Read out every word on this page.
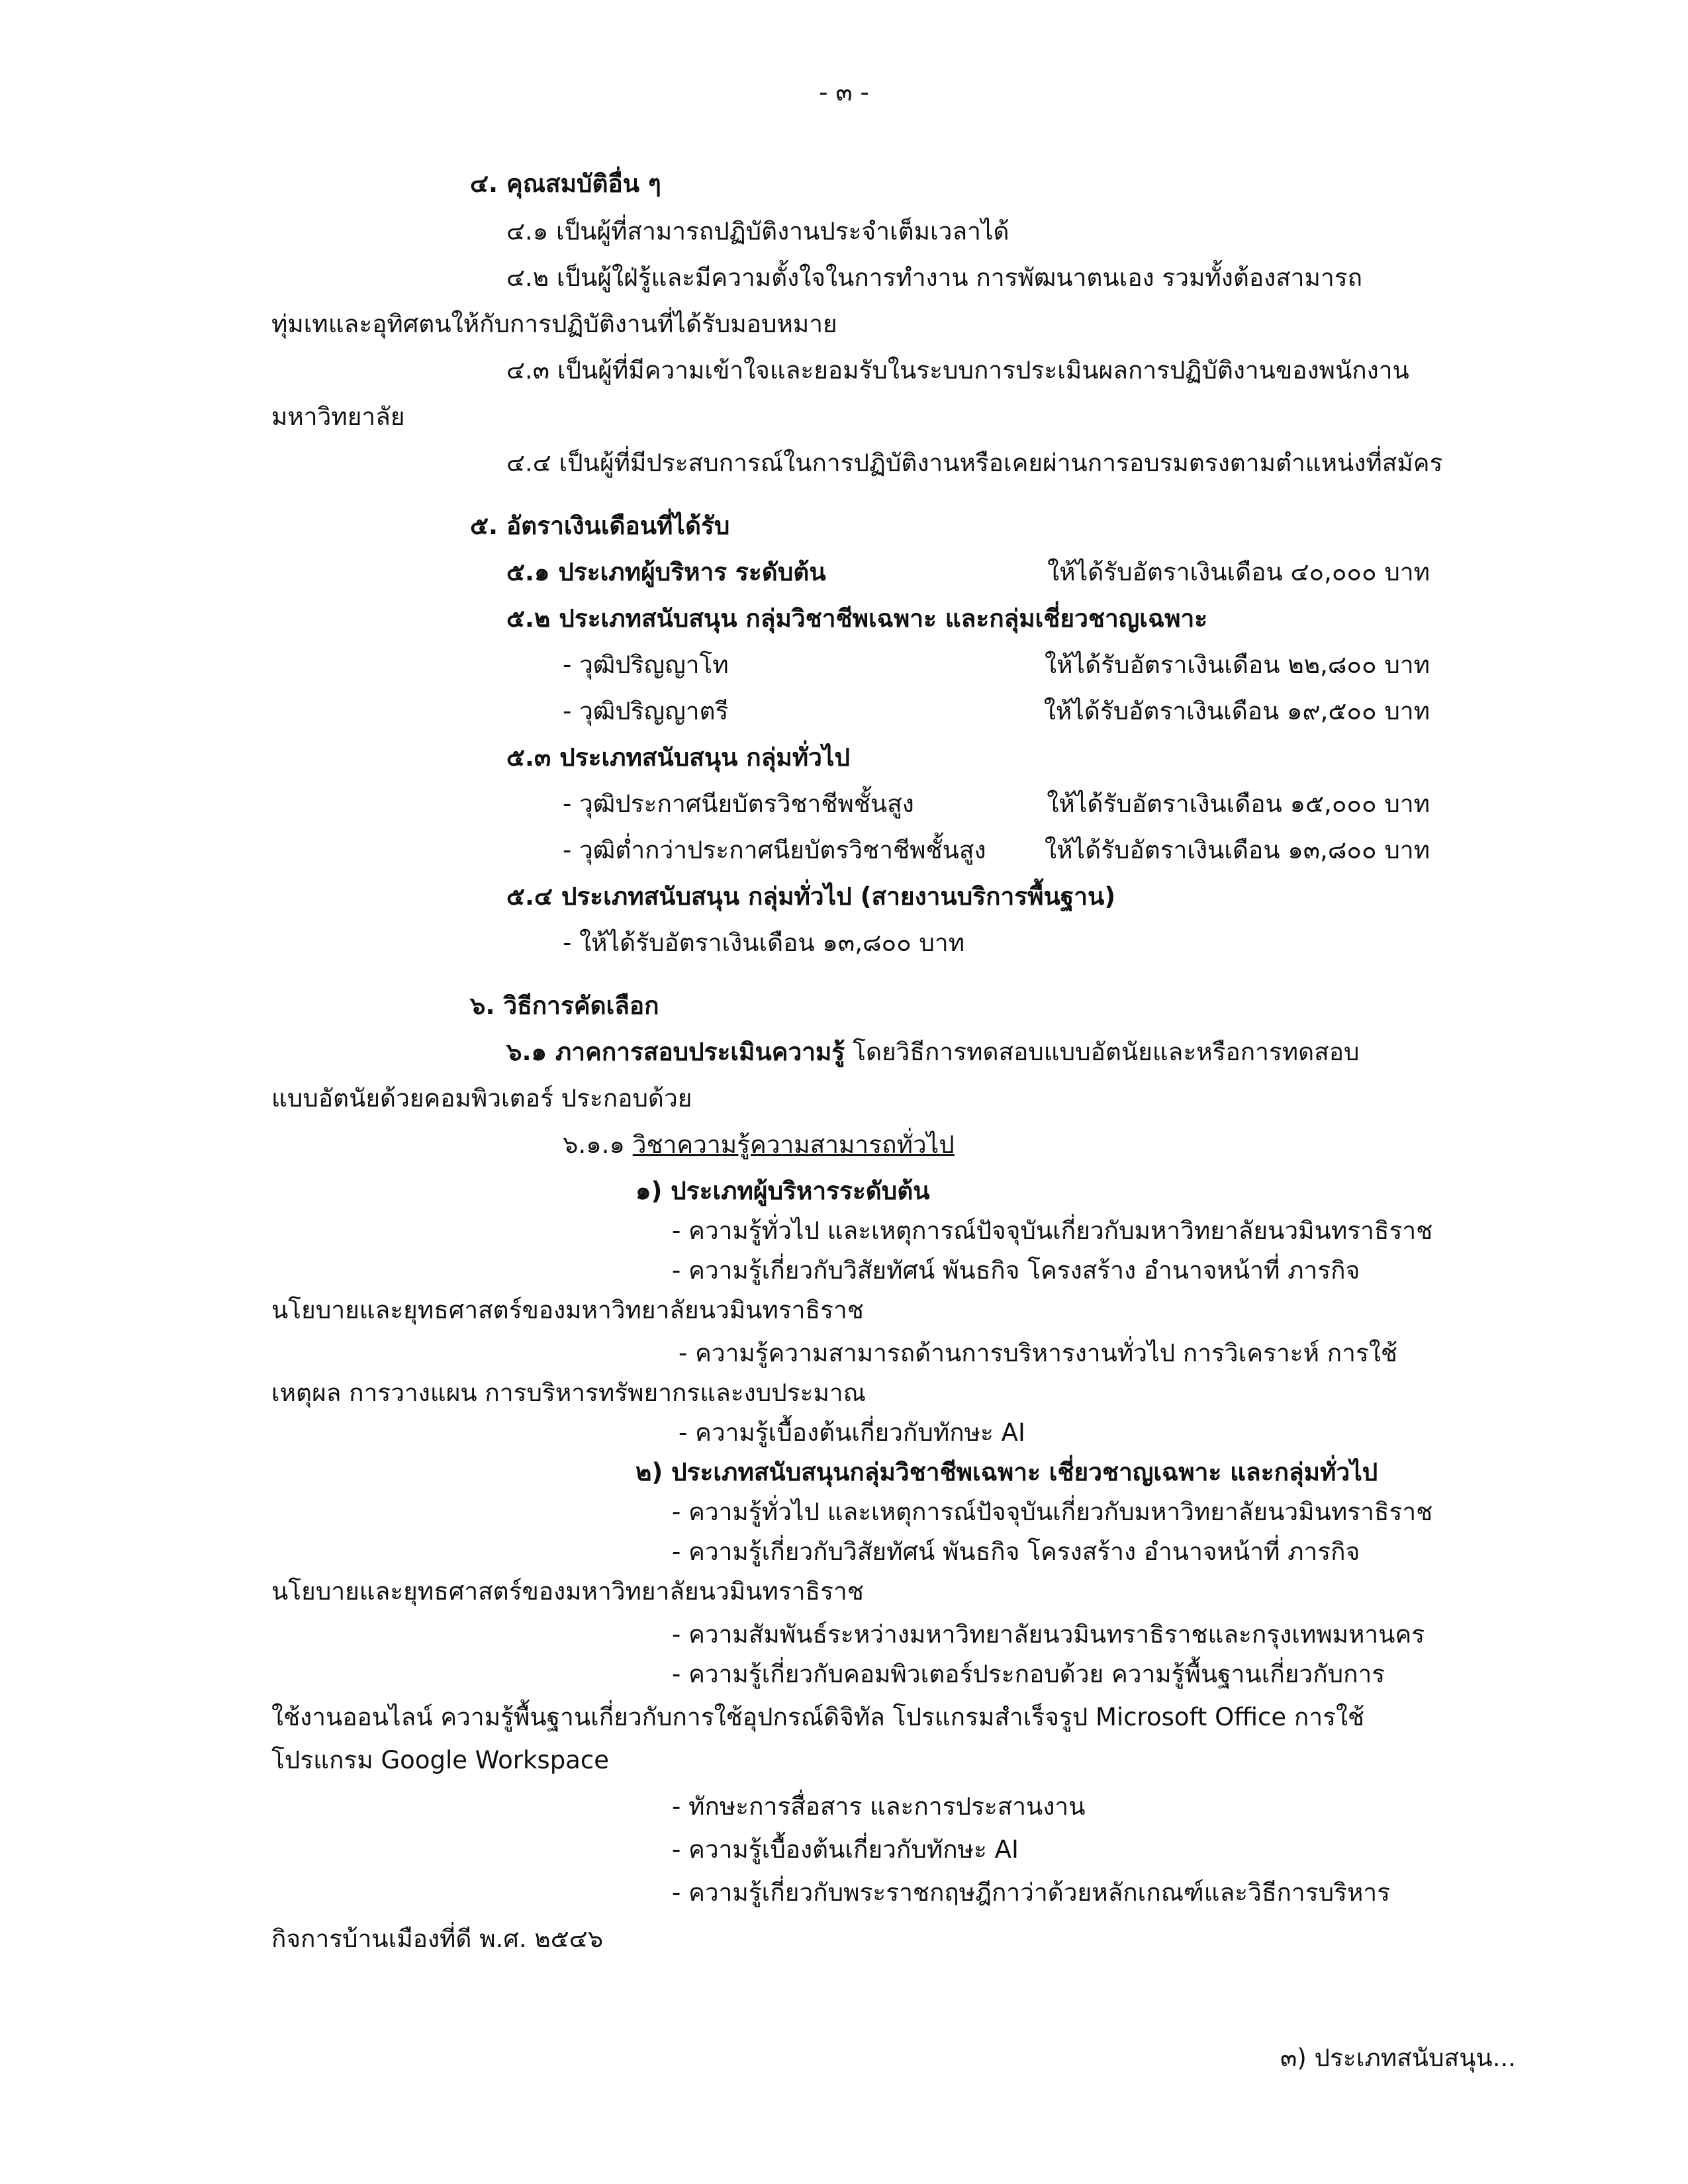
- ๓ -
๔. คุณสมบัติอื่น ๆ
๔.๑ เป็นผู้ที่สามารถปฏิบัติงานประจำเต็มเวลาได้
๔.๒ เป็นผู้ใฝ่รู้และมีความตั้งใจในการทำงาน การพัฒนาตนเอง รวมทั้งต้องสามารถ
ทุ่มเทและอุทิศตนให้กับการปฏิบัติงานที่ได้รับมอบหมาย
๔.๓ เป็นผู้ที่มีความเข้าใจและยอมรับในระบบการประเมินผลการปฏิบัติงานของพนักงาน
มหาวิทยาลัย
๔.๔ เป็นผู้ที่มีประสบการณ์ในการปฏิบัติงานหรือเคยผ่านการอบรมตรงตามตำแหน่งที่สมัคร
๕. อัตราเงินเดือนที่ได้รับ
๕.๑ ประเภทผู้บริหาร ระดับต้น	ให้ได้รับอัตราเงินเดือน ๔๐,๐๐๐ บาท
๕.๒ ประเภทสนับสนุน กลุ่มวิชาชีพเฉพาะ และกลุ่มเชี่ยวชาญเฉพาะ
- วุฒิปริญญาโท	ให้ได้รับอัตราเงินเดือน ๒๒,๘๐๐ บาท
- วุฒิปริญญาตรี	ให้ได้รับอัตราเงินเดือน ๑๙,๕๐๐ บาท
๕.๓ ประเภทสนับสนุน กลุ่มทั่วไป
- วุฒิประกาศนียบัตรวิชาชีพชั้นสูง	ให้ได้รับอัตราเงินเดือน ๑๕,๐๐๐ บาท
- วุฒิต่ำกว่าประกาศนียบัตรวิชาชีพชั้นสูง	ให้ได้รับอัตราเงินเดือน ๑๓,๘๐๐ บาท
๕.๔ ประเภทสนับสนุน กลุ่มทั่วไป (สายงานบริการพื้นฐาน)
- ให้ได้รับอัตราเงินเดือน ๑๓,๘๐๐ บาท
๖. วิธีการคัดเลือก
๖.๑ ภาคการสอบประเมินความรู้ โดยวิธีการทดสอบแบบอัตนัยและหรือการทดสอบ
แบบอัตนัยด้วยคอมพิวเตอร์ ประกอบด้วย
๖.๑.๑ วิชาความรู้ความสามารถทั่วไป
๑) ประเภทผู้บริหารระดับต้น
- ความรู้ทั่วไป และเหตุการณ์ปัจจุบันเกี่ยวกับมหาวิทยาลัยนวมินทราธิราช
- ความรู้เกี่ยวกับวิสัยทัศน์ พันธกิจ โครงสร้าง อำนาจหน้าที่ ภารกิจ
นโยบายและยุทธศาสตร์ของมหาวิทยาลัยนวมินทราธิราช
- ความรู้ความสามารถด้านการบริหารงานทั่วไป การวิเคราะห์ การใช้
เหตุผล การวางแผน การบริหารทรัพยากรและงบประมาณ
- ความรู้เบื้องต้นเกี่ยวกับทักษะ AI
๒) ประเภทสนับสนุนกลุ่มวิชาชีพเฉพาะ เชี่ยวชาญเฉพาะ และกลุ่มทั่วไป
- ความรู้ทั่วไป และเหตุการณ์ปัจจุบันเกี่ยวกับมหาวิทยาลัยนวมินทราธิราช
- ความรู้เกี่ยวกับวิสัยทัศน์ พันธกิจ โครงสร้าง อำนาจหน้าที่ ภารกิจ
นโยบายและยุทธศาสตร์ของมหาวิทยาลัยนวมินทราธิราช
- ความสัมพันธ์ระหว่างมหาวิทยาลัยนวมินทราธิราชและกรุงเทพมหานคร
- ความรู้เกี่ยวกับคอมพิวเตอร์ประกอบด้วย ความรู้พื้นฐานเกี่ยวกับการ
ใช้งานออนไลน์ ความรู้พื้นฐานเกี่ยวกับการใช้อุปกรณ์ดิจิทัล โปรแกรมสำเร็จรูป Microsoft Office การใช้
โปรแกรม Google Workspace
- ทักษะการสื่อสาร และการประสานงาน
- ความรู้เบื้องต้นเกี่ยวกับทักษะ AI
- ความรู้เกี่ยวกับพระราชกฤษฎีกาว่าด้วยหลักเกณฑ์และวิธีการบริหาร
กิจการบ้านเมืองที่ดี พ.ศ. ๒๕๔๖
๓) ประเภทสนับสนุน...
